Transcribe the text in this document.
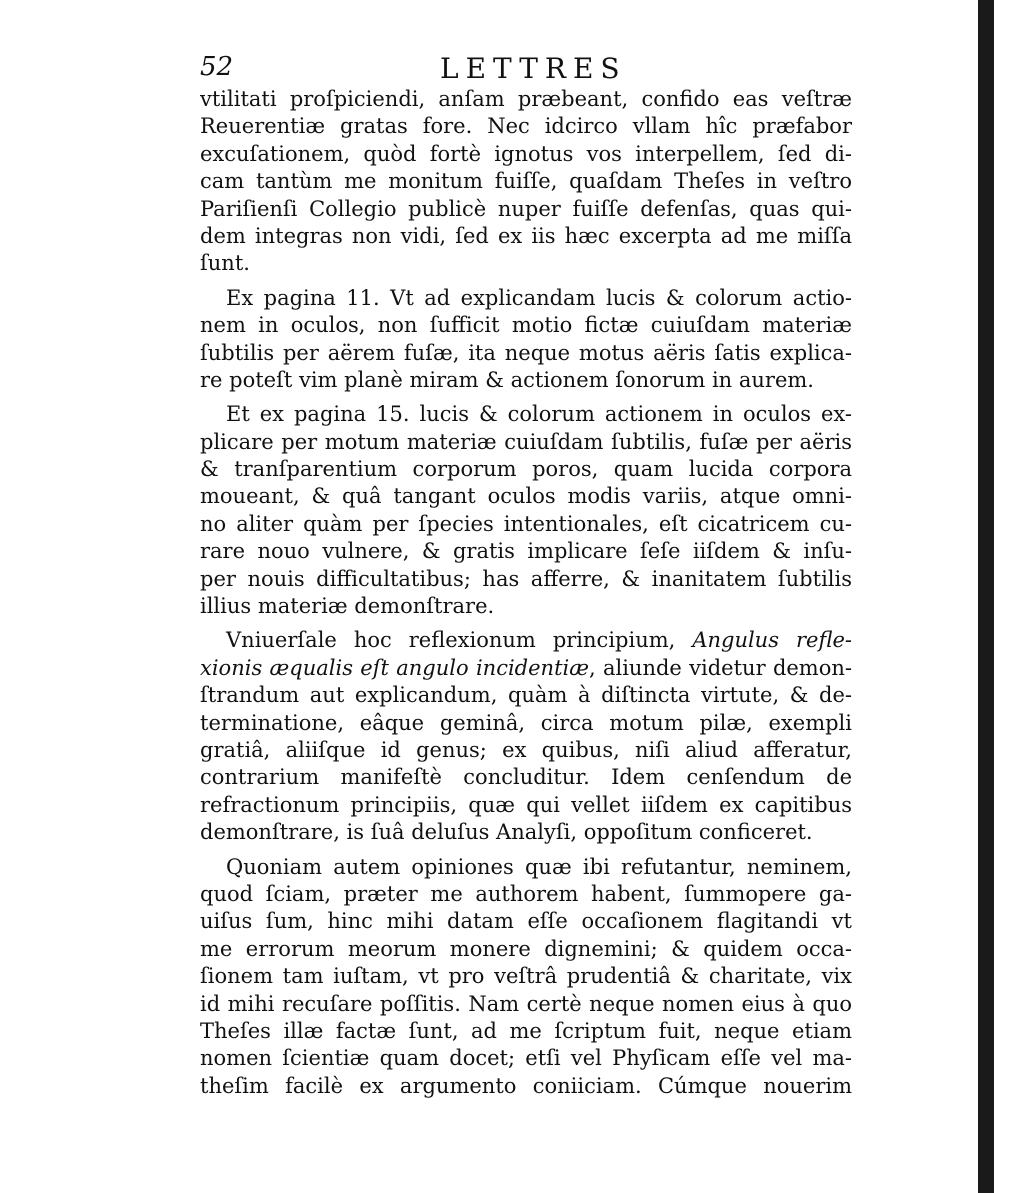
52	LETTRES
vtilitati proſpiciendi, anſam præbeant, confido eas veſtræ
Reuerentiæ gratas fore. Nec idcirco vllam hîc præfabor
excuſationem, quòd fortè ignotus vos interpellem, ſed di-
cam tantùm me monitum fuiſſe, quaſdam Theſes in veſtro
Pariſienſi Collegio publicè nuper fuiſſe defenſas, quas qui-
dem integras non vidi, ſed ex iis hæc excerpta ad me miſſa
ſunt.
Ex pagina 11. Vt ad explicandam lucis & colorum actio-
nem in oculos, non ſufficit motio fictæ cuiuſdam materiæ
ſubtilis per aërem fuſæ, ita neque motus aëris ſatis explica-
re poteſt vim planè miram & actionem ſonorum in aurem.
Et ex pagina 15. lucis & colorum actionem in oculos ex-
plicare per motum materiæ cuiuſdam ſubtilis, fuſæ per aëris
& tranſparentium corporum poros, quam lucida corpora
moueant, & quâ tangant oculos modis variis, atque omni-
no aliter quàm per ſpecies intentionales, eſt cicatricem cu-
rare nouo vulnere, & gratis implicare ſeſe iiſdem & inſu-
per nouis difficultatibus; has afferre, & inanitatem ſubtilis
illius materiæ demonſtrare.
Vniuerſale hoc reflexionum principium, Angulus refle-
xionis æqualis eſt angulo incidentiæ, aliunde videtur demon-
ſtrandum aut explicandum, quàm à diſtincta virtute, & de-
terminatione, eâque geminâ, circa motum pilæ, exempli
gratiâ, aliiſque id genus; ex quibus, niſi aliud afferatur,
contrarium manifeſtè concluditur. Idem cenſendum de
refractionum principiis, quæ qui vellet iiſdem ex capitibus
demonſtrare, is ſuâ deluſus Analyſi, oppoſitum conficeret.
Quoniam autem opiniones quæ ibi refutantur, neminem,
quod ſciam, præter me authorem habent, ſummopere ga-
uiſus ſum, hinc mihi datam eſſe occaſionem flagitandi vt
me errorum meorum monere dignemini; & quidem occa-
ſionem tam iuſtam, vt pro veſtrâ prudentiâ & charitate, vix
id mihi recuſare poſſitis. Nam certè neque nomen eius à quo
Theſes illæ factæ ſunt, ad me ſcriptum fuit, neque etiam
nomen ſcientiæ quam docet; etſi vel Phyſicam eſſe vel ma-
theſim facilè ex argumento coniiciam. Cúmque nouerim
